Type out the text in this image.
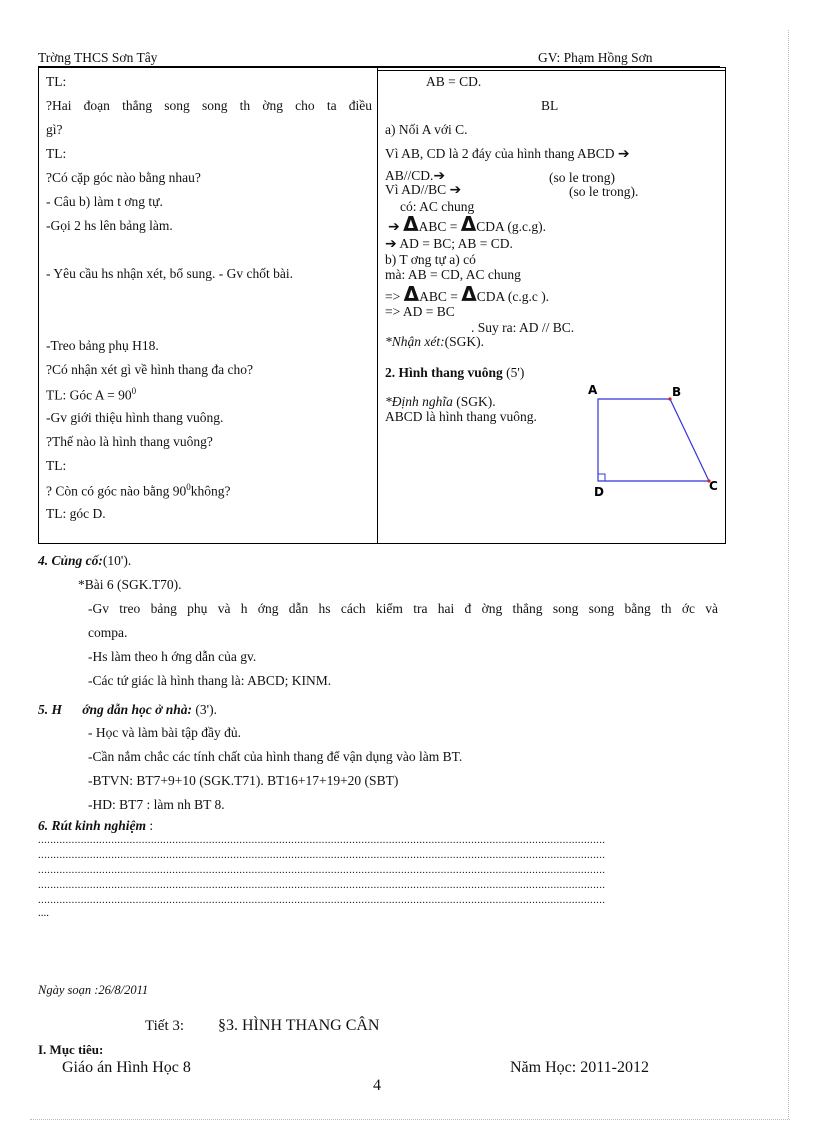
Trờng THCS Sơn Tây	GV: Phạm Hồng Sơn
TL:
?Hai đoạn thẳng song song th ờng cho ta điều
gì?
TL:
?Có cặp góc nào bằng nhau?
- Câu b) làm t ơng tự.
-Gọi 2 hs lên bảng làm.
- Yêu cầu hs nhận xét, bổ sung. - Gv chốt bài.
-Treo bảng phụ H18.
?Có nhận xét gì về hình thang đa cho?
TL: Góc $A = 90^0$
-Gv giới thiệu hình thang vuông.
?Thế nào là hình thang vuông?
TL:
? Còn có góc nào bằng $90^0không$?
TL: góc D.
AB = CD.
BL
a) Nối A với C.
Vì AB, CD là 2 đáy của hình thang ABCD ➔
AB//CD.➔	(so le trong)
Vì AD//BC ➔	(so le trong).
có: AC chung
➔ ΔABC = ΔCDA (g.c.g).
➔ AD = BC; AB = CD.
b) T ơng tự a) có
mà: AB = CD, AC chung
=> ΔABC = ΔCDA (c.g.c ).
=> AD = BC
. Suy ra: AD // BC.
*Nhận xét:(SGK).
2. Hình thang vuông (5')
*Định nghĩa (SGK).
ABCD là hình thang vuông.
A	B
C
D
4. Củng cố:(10').
*Bài 6 (SGK.T70).
-Gv treo bảng phụ và h ớng dẫn hs cách kiểm tra hai đ ờng thẳng song song bằng th ớc và
compa.
-Hs làm theo h ớng dẫn của gv.
-Các tứ giác là hình thang là: ABCD; KINM.
5. H      ớng dẫn học ở nhà: (3').
- Học và làm bài tập đầy đủ.
-Cần nắm chắc các tính chất của hình thang để vận dụng vào làm BT.
-BTVN: BT7+9+10 (SGK.T71). BT16+17+19+20 (SBT)
-HD: BT7 : làm nh BT 8.
6. Rút kinh nghiệm :
..........................................................................................................................................................................................
..........................................................................................................................................................................................
..........................................................................................................................................................................................
..........................................................................................................................................................................................
..........................................................................................................................................................................................
....
Ngày soạn :26/8/2011
Tiết 3: §3. HÌNH THANG CÂN
I. Mục tiêu:
Giáo án Hình Học 8	Năm Học: 2011-2012
4
